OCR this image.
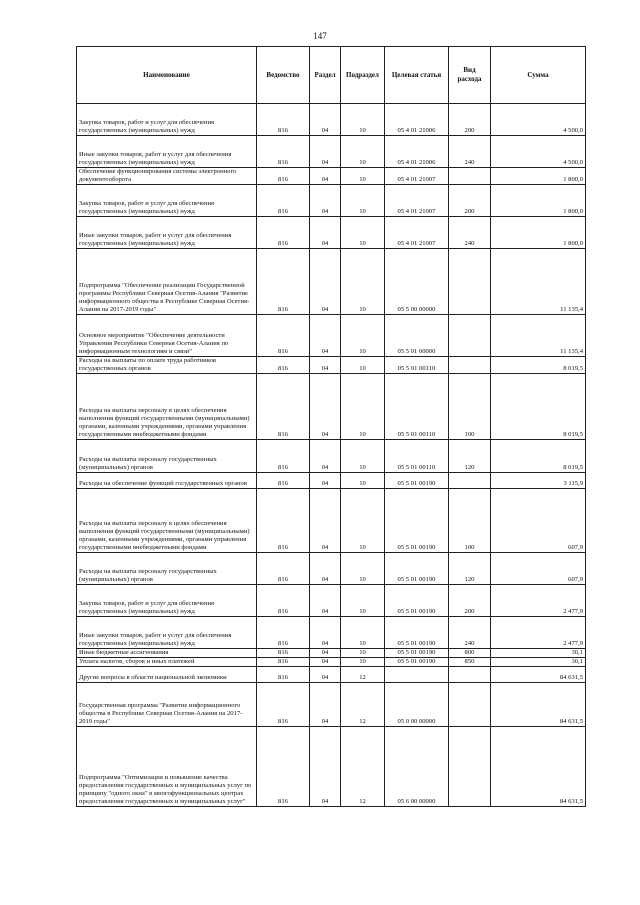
147
Наименование	Ведомство	Раздел	Подраздел	Целевая статья	Вид расхода	Сумма
Закупка товаров, работ и услуг для обеспечения государственных (муниципальных) нужд	816	04	10	05 4 01 21006	200	4 500,0
Иные закупки товаров, работ и услуг для обеспечения государственных (муниципальных) нужд	816	04	10	05 4 01 21006	240	4 500,0
Обеспечение функционирования системы электронного документооборота	816	04	10	05 4 01 21007		1 800,0
Закупка товаров, работ и услуг для обеспечения государственных (муниципальных) нужд	816	04	10	05 4 01 21007	200	1 800,0
Иные закупки товаров, работ и услуг для обеспечения государственных (муниципальных) нужд	816	04	10	05 4 01 21007	240	1 800,0
Подпрограмма "Обеспечение реализации Государственной программы Республики Северная Осетия-Алания "Развитие информационного общества в Республике Северная Осетия-Алания на 2017-2019 годы"	816	04	10	05 5 00 00000		11 135,4
Основное мероприятие "Обеспечение деятельности Управления Республики Северная Осетия-Алания по информационным технологиям и связи"	816	04	10	05 5 01 00000		11 135,4
Расходы на выплаты по оплате труда работников государственных органов	816	04	10	05 5 01 00110		8 019,5
Расходы на выплаты персоналу в целях обеспечения выполнения функций государственными (муниципальными) органами, казенными учреждениями, органами управления государственными внебюджетными фондами	816	04	10	05 5 01 00110	100	8 019,5
Расходы на выплаты персоналу государственных (муниципальных) органов	816	04	10	05 5 01 00110	120	8 019,5
Расходы на обеспечение функций государственных органов	816	04	10	05 5 01 00190		3 115,9
Расходы на выплаты персоналу в целях обеспечения выполнения функций государственными (муниципальными) органами, казенными учреждениями, органами управления государственными внебюджетными фондами	816	04	10	05 5 01 00190	100	607,9
Расходы на выплаты персоналу государственных (муниципальных) органов	816	04	10	05 5 01 00190	120	607,9
Закупка товаров, работ и услуг для обеспечения государственных (муниципальных) нужд	816	04	10	05 5 01 00190	200	2 477,9
Иные закупки товаров, работ и услуг для обеспечения государственных (муниципальных) нужд	816	04	10	05 5 01 00190	240	2 477,9
Иные бюджетные ассигнования	816	04	10	05 5 01 00190	800	30,1
Уплата налогов, сборов и иных платежей	816	04	10	05 5 01 00190	850	30,1
Другие вопросы в области национальной экономики	816	04	12			84 631,5
Государственная программа "Развитие информационного общества в Республике Северная Осетия-Алания на 2017-2019 годы"	816	04	12	05 0 00 00000		84 631,5
Подпрограмма "Оптимизация и повышение качества предоставления государственных и муниципальных услуг по принципу "одного окна" в многофункциональных центрах предоставления государственных и муниципальных услуг"	816	04	12	05 6 00 00000		84 631,5
